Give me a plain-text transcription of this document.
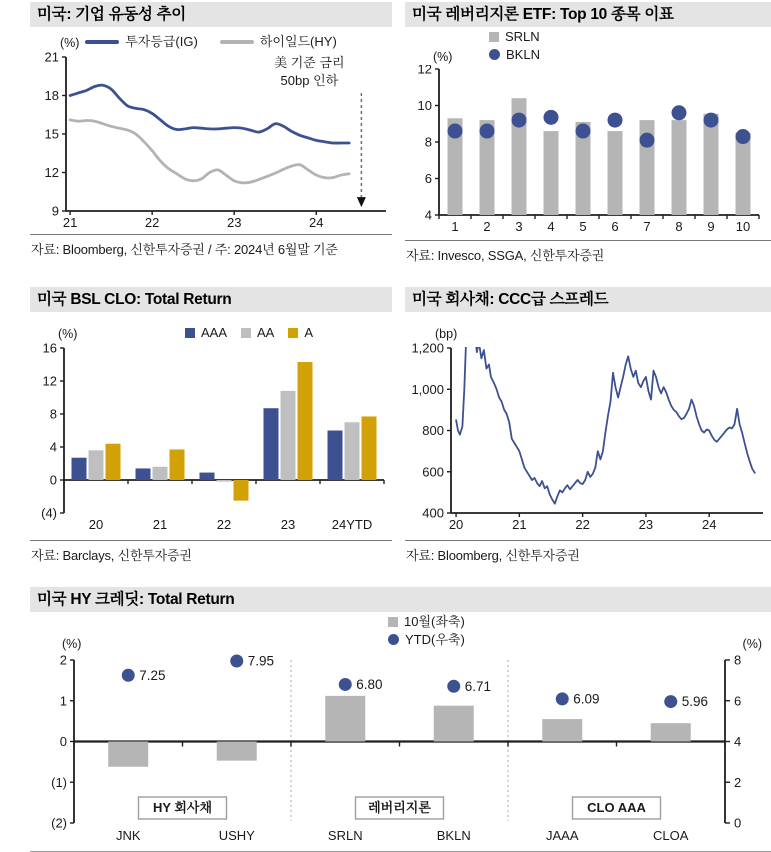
미국: 기업 유동성 추이
(%)	투자등급(IG)	하이일드(HY)
9
12
15
18
21
21	22	23	24
美 기준 금리 50bp 인하
자료: Bloomberg, 신한투자증권 / 주: 2024년 6월말 기준
미국 레버리지론 ETF: Top 10 종목 이표
(%)
SRLN
BKLN
4
6
8
10
12
1 2 3 4 5 6 7 8 9 10
자료: Invesco, SSGA, 신한투자증권
미국 BSL CLO: Total Return
(%)	AAA AA A
(4)
0
4
8
12
16
20	21	22	23	24YTD
자료: Barclays, 신한투자증권
미국 회사채: CCC급 스프레드
(bp)
400
600
800
1,000
1,200
20	21	22	23	24
자료: Bloomberg, 신한투자증권
미국 HY 크레딧: Total Return
(%)	(%)
10월(좌축)
YTD(우축)
(2)
(1)
0
1
2
0
2
4
6
8
7.25
7.95
6.80	6.71
6.09	5.96
HY 회사채	레버리지론	CLO AAA
JNK	USHY	SRLN	BKLN	JAAA	CLOA
